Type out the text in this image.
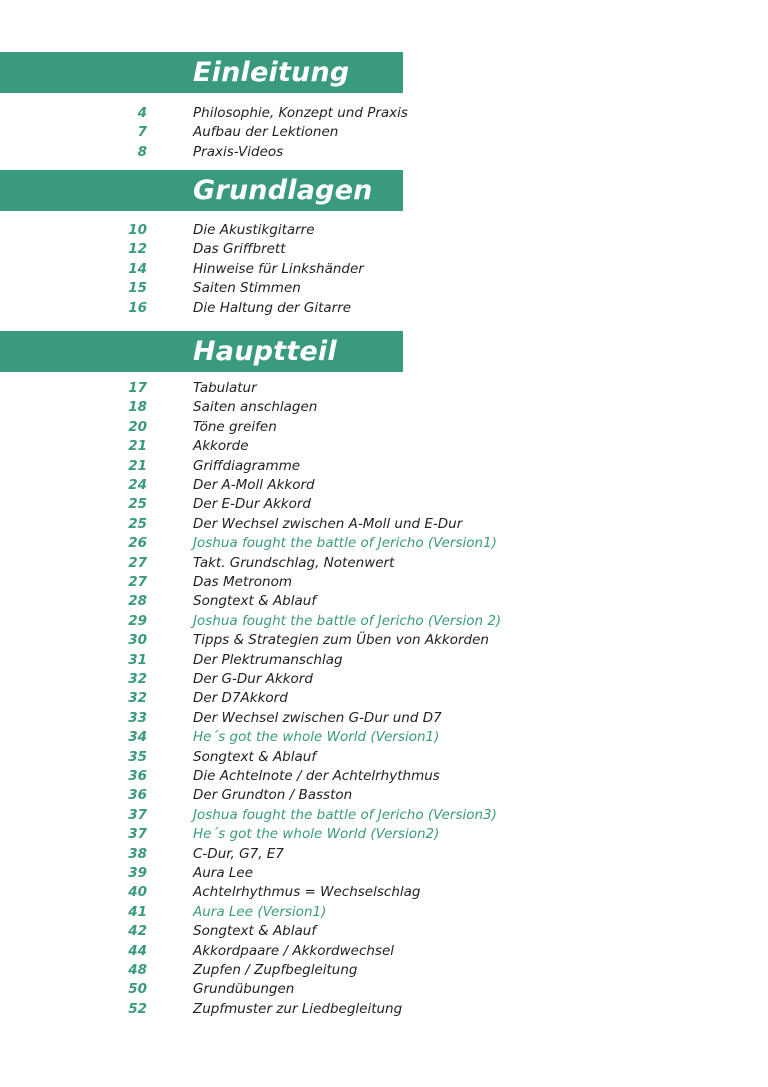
Einleitung
4	Philosophie, Konzept und Praxis
7	Aufbau der Lektionen
8	Praxis-Videos
Grundlagen
10	Die Akustikgitarre
12	Das Griffbrett
14	Hinweise für Linkshänder
15	Saiten Stimmen
16	Die Haltung der Gitarre
Hauptteil
17	Tabulatur
18	Saiten anschlagen
20	Töne greifen
21	Akkorde
21	Griffdiagramme
24	Der A-Moll Akkord
25	Der E-Dur Akkord
25	Der Wechsel zwischen A-Moll und E-Dur
26	Joshua fought the battle of Jericho (Version1)
27	Takt. Grundschlag, Notenwert
27	Das Metronom
28	Songtext & Ablauf
29	Joshua fought the battle of Jericho (Version 2)
30	Tipps & Strategien zum Üben von Akkorden
31	Der Plektrumanschlag
32	Der G-Dur Akkord
32	Der D7Akkord
33	Der Wechsel zwischen G-Dur und D7
34	He´s got the whole World (Version1)
35	Songtext & Ablauf
36	Die Achtelnote / der Achtelrhythmus
36	Der Grundton / Basston
37	Joshua fought the battle of Jericho (Version3)
37	He´s got the whole World (Version2)
38	C-Dur, G7, E7
39	Aura Lee
40	Achtelrhythmus = Wechselschlag
41	Aura Lee (Version1)
42	Songtext & Ablauf
44	Akkordpaare / Akkordwechsel
48	Zupfen / Zupfbegleitung
50	Grundübungen
52	Zupfmuster zur Liedbegleitung
